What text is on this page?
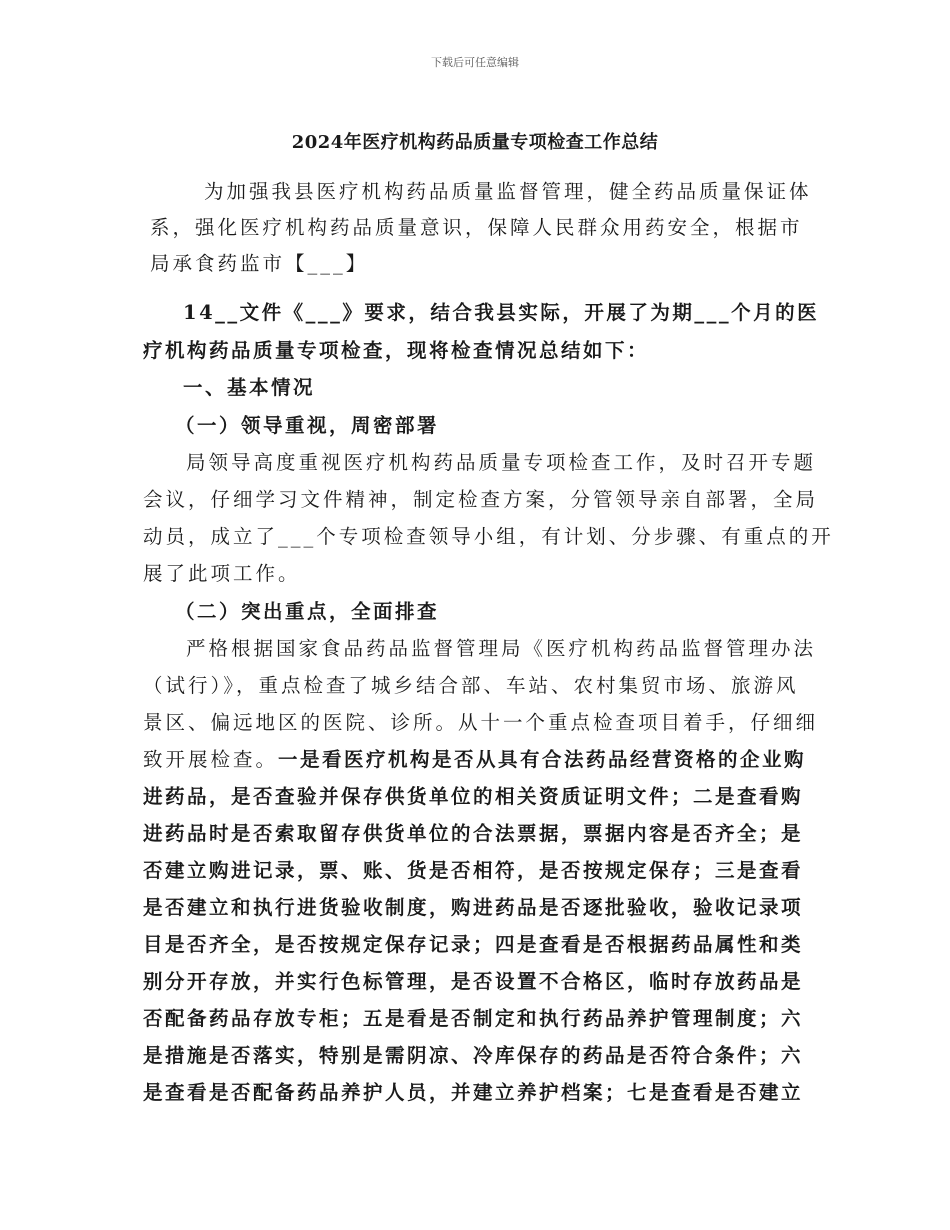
下载后可任意编辑
2024年医疗机构药品质量专项检查工作总结
为加强我县医疗机构药品质量监督管理，健全药品质量保证体
系，强化医疗机构药品质量意识，保障人民群众用药安全，根据市
局承食药监市【___】
14__文件《___》要求，结合我县实际，开展了为期___个月的医
疗机构药品质量专项检查，现将检查情况总结如下：
一、基本情况
（一）领导重视，周密部署
局领导高度重视医疗机构药品质量专项检查工作，及时召开专题
会议，仔细学习文件精神，制定检查方案，分管领导亲自部署，全局
动员，成立了___个专项检查领导小组，有计划、分步骤、有重点的开
展了此项工作。
（二）突出重点，全面排查
严格根据国家食品药品监督管理局《医疗机构药品监督管理办法
（试行）》，重点检查了城乡结合部、车站、农村集贸市场、旅游风
景区、偏远地区的医院、诊所。从十一个重点检查项目着手，仔细细
致开展检查。一是看医疗机构是否从具有合法药品经营资格的企业购
进药品，是否查验并保存供货单位的相关资质证明文件；二是查看购
进药品时是否索取留存供货单位的合法票据，票据内容是否齐全；是
否建立购进记录，票、账、货是否相符，是否按规定保存；三是查看
是否建立和执行进货验收制度，购进药品是否逐批验收，验收记录项
目是否齐全，是否按规定保存记录；四是查看是否根据药品属性和类
别分开存放，并实行色标管理，是否设置不合格区，临时存放药品是
否配备药品存放专柜；五是看是否制定和执行药品养护管理制度；六
是措施是否落实，特别是需阴凉、冷库保存的药品是否符合条件；六
是查看是否配备药品养护人员，并建立养护档案；七是查看是否建立
